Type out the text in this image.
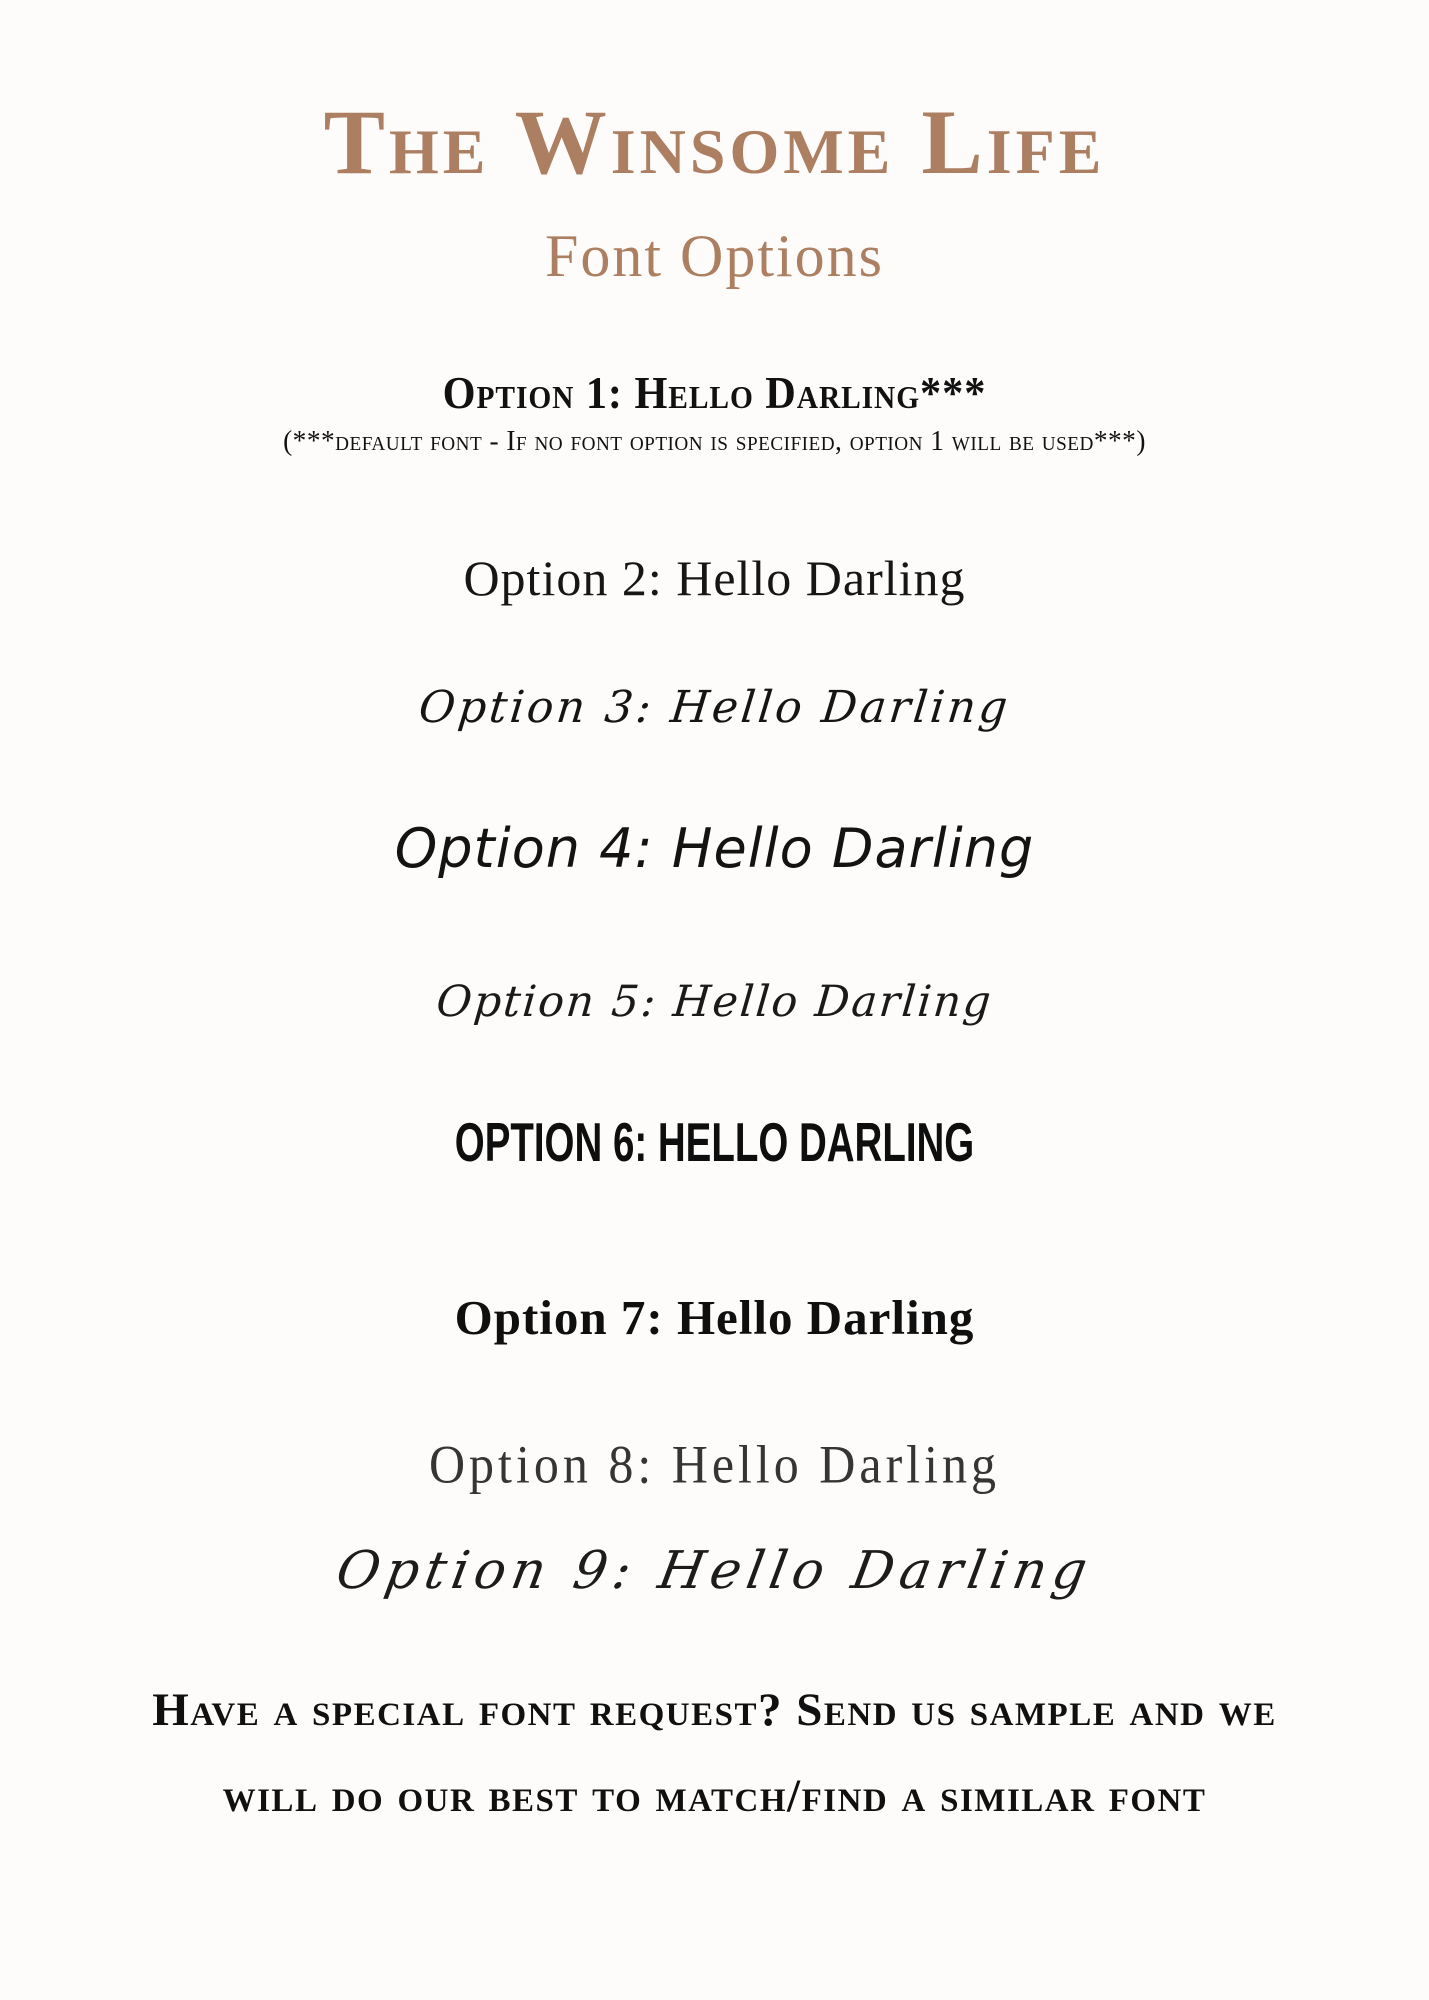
The Winsome Life
Font Options
Option 1: Hello Darling***
(***default font - If no font option is specified, option 1 will be used***)
Option 2: Hello Darling
Option 3: Hello Darling
Option 4: Hello Darling
Option 5: Hello Darling
OPTION 6: HELLO DARLING
Option 7: Hello Darling
Option 8: Hello Darling
Option 9: Hello Darling
Have a special font request? Send us sample and we
will do our best to match/find a similar font
